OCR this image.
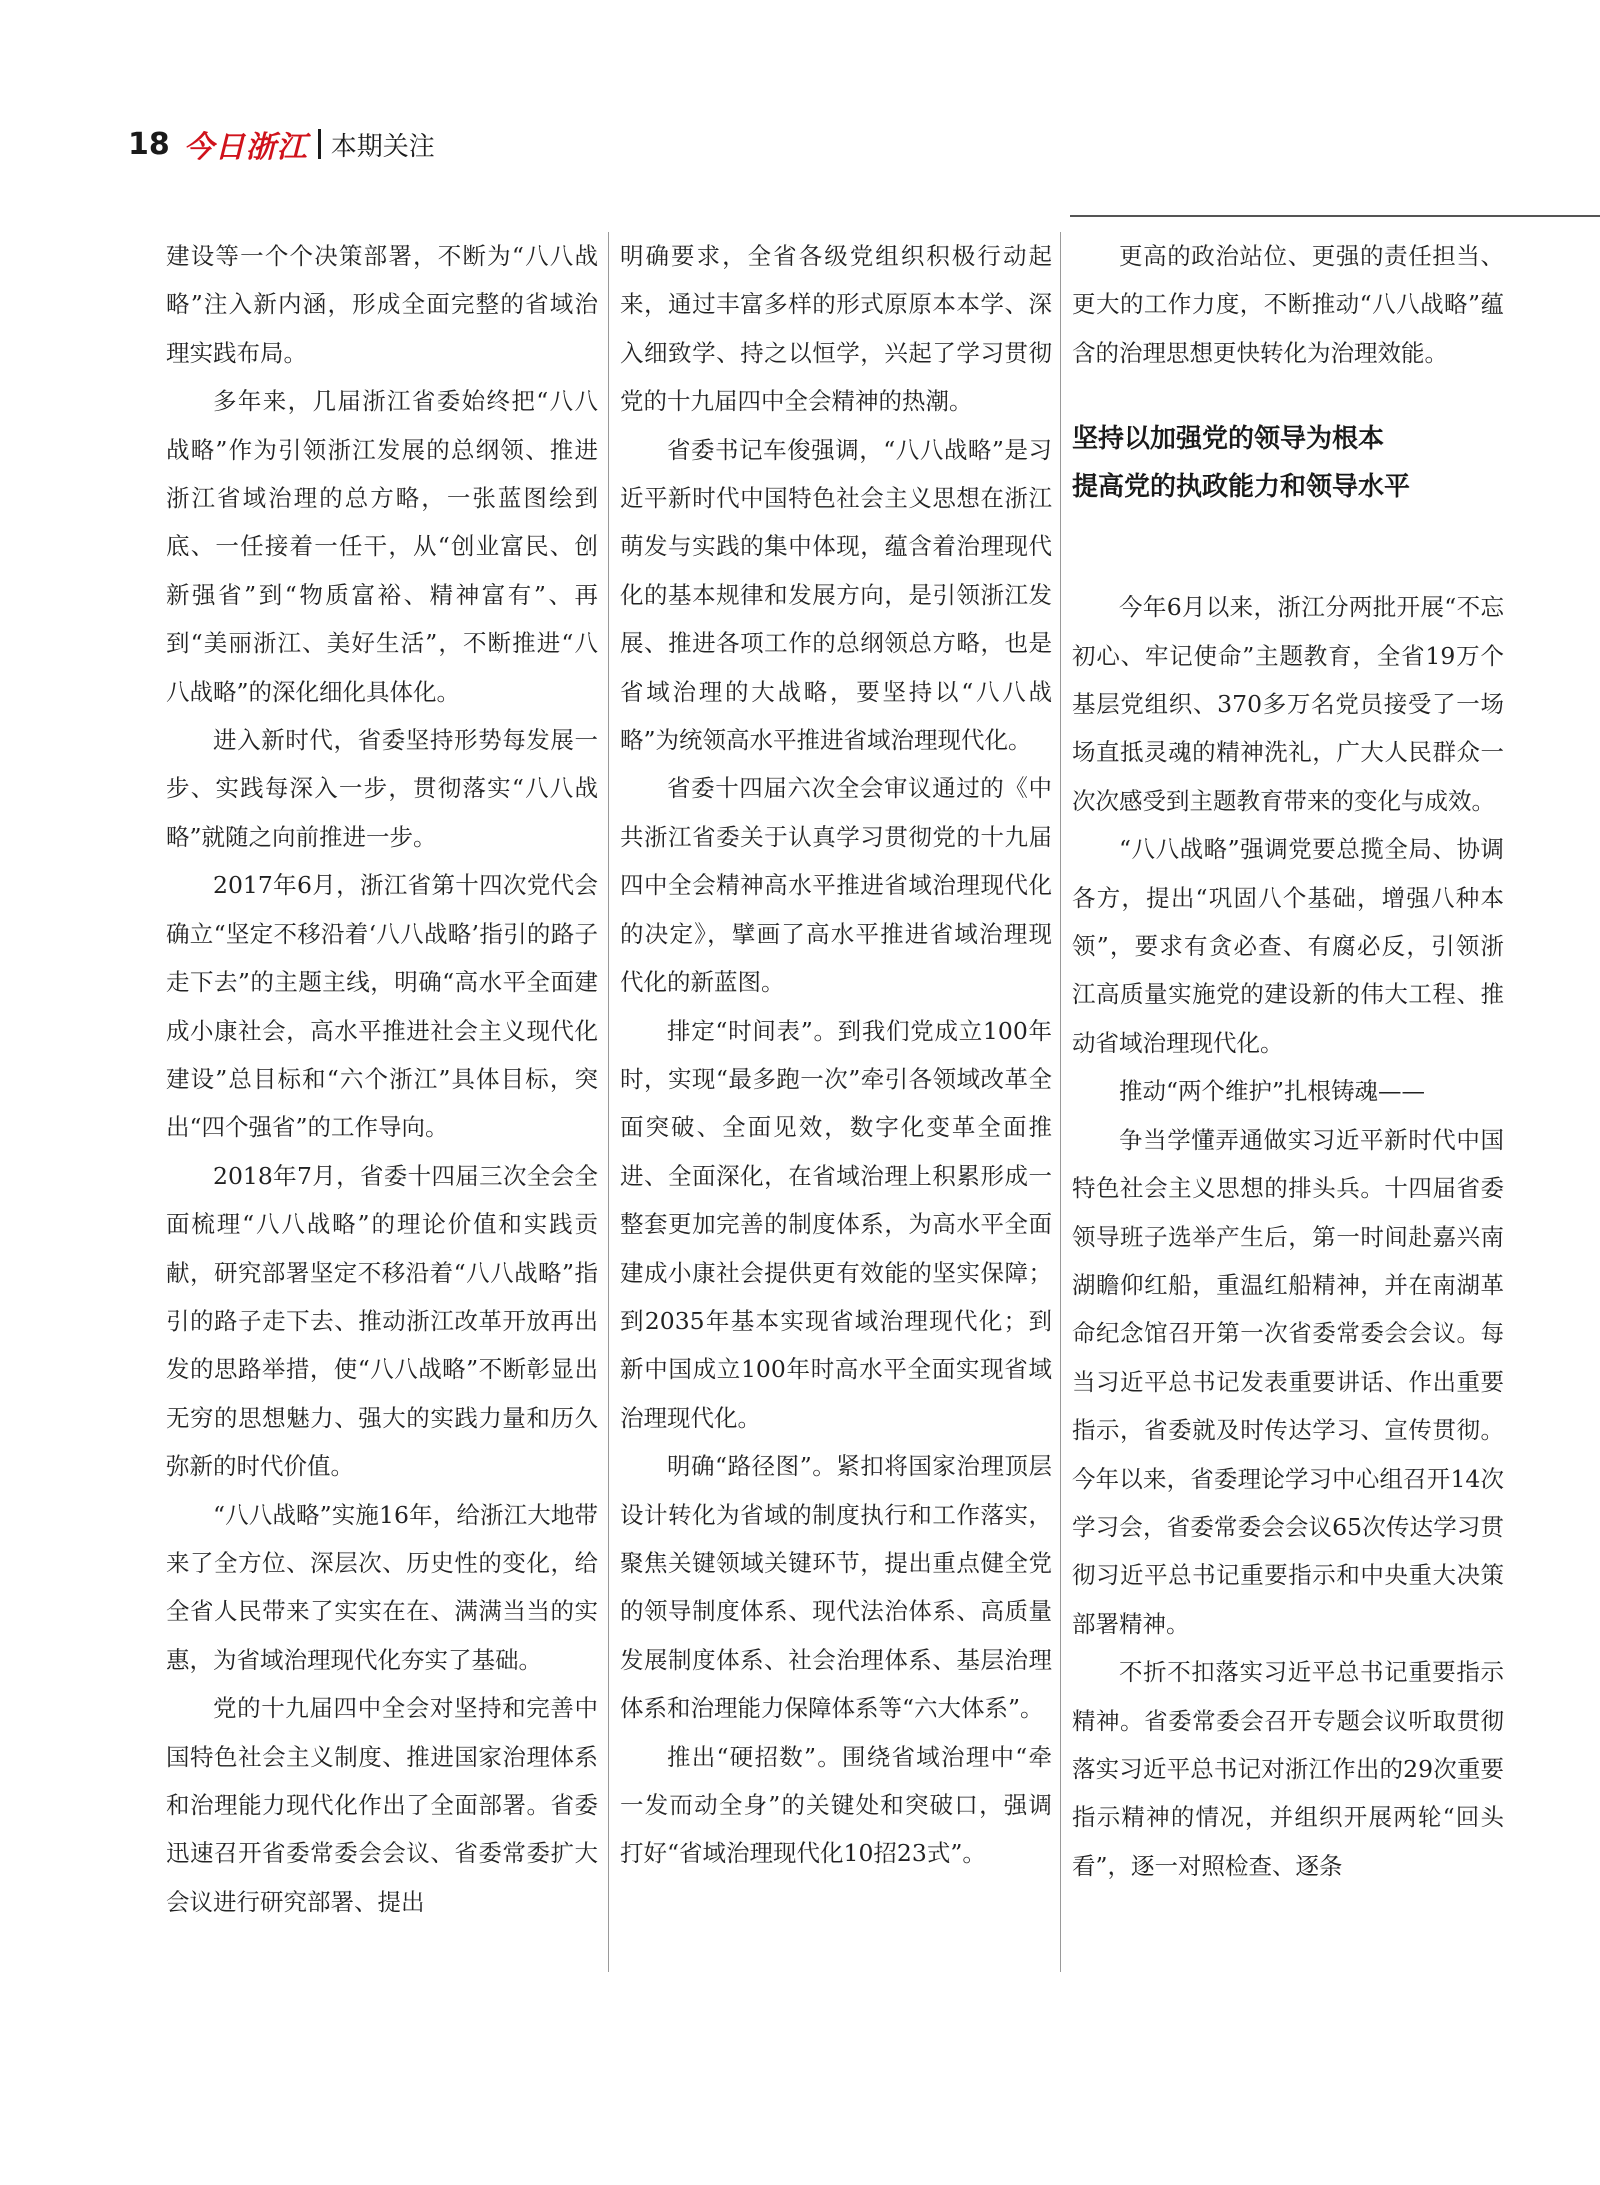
18 今日浙江 本期关注

建设等一个个决策部署，不断为“八八战略”注入新内涵，形成全面完整的省域治理实践布局。

多年来，几届浙江省委始终把“八八战略”作为引领浙江发展的总纲领、推进浙江省域治理的总方略，一张蓝图绘到底、一任接着一任干，从“创业富民、创新强省”到“物质富裕、精神富有”、再到“美丽浙江、美好生活”，不断推进“八八战略”的深化细化具体化。

进入新时代，省委坚持形势每发展一步、实践每深入一步，贯彻落实“八八战略”就随之向前推进一步。

2017年6月，浙江省第十四次党代会确立“坚定不移沿着‘八八战略’指引的路子走下去”的主题主线，明确“高水平全面建成小康社会，高水平推进社会主义现代化建设”总目标和“六个浙江”具体目标，突出“四个强省”的工作导向。

2018年7月，省委十四届三次全会全面梳理“八八战略”的理论价值和实践贡献，研究部署坚定不移沿着“八八战略”指引的路子走下去、推动浙江改革开放再出发的思路举措，使“八八战略”不断彰显出无穷的思想魅力、强大的实践力量和历久弥新的时代价值。

“八八战略”实施16年，给浙江大地带来了全方位、深层次、历史性的变化，给全省人民带来了实实在在、满满当当的实惠，为省域治理现代化夯实了基础。

党的十九届四中全会对坚持和完善中国特色社会主义制度、推进国家治理体系和治理能力现代化作出了全面部署。省委迅速召开省委常委会会议、省委常委扩大会议进行研究部署、提出

明确要求，全省各级党组织积极行动起来，通过丰富多样的形式原原本本学、深入细致学、持之以恒学，兴起了学习贯彻党的十九届四中全会精神的热潮。

省委书记车俊强调，“八八战略”是习近平新时代中国特色社会主义思想在浙江萌发与实践的集中体现，蕴含着治理现代化的基本规律和发展方向，是引领浙江发展、推进各项工作的总纲领总方略，也是省域治理的大战略，要坚持以“八八战略”为统领高水平推进省域治理现代化。

省委十四届六次全会审议通过的《中共浙江省委关于认真学习贯彻党的十九届四中全会精神高水平推进省域治理现代化的决定》，擘画了高水平推进省域治理现代化的新蓝图。

排定“时间表”。到我们党成立100年时，实现“最多跑一次”牵引各领域改革全面突破、全面见效，数字化变革全面推进、全面深化，在省域治理上积累形成一整套更加完善的制度体系，为高水平全面建成小康社会提供更有效能的坚实保障；到2035年基本实现省域治理现代化；到新中国成立100年时高水平全面实现省域治理现代化。

明确“路径图”。紧扣将国家治理顶层设计转化为省域的制度执行和工作落实，聚焦关键领域关键环节，提出重点健全党的领导制度体系、现代法治体系、高质量发展制度体系、社会治理体系、基层治理体系和治理能力保障体系等“六大体系”。

推出“硬招数”。围绕省域治理中“牵一发而动全身”的关键处和突破口，强调打好“省域治理现代化10招23式”。

更高的政治站位、更强的责任担当、更大的工作力度，不断推动“八八战略”蕴含的治理思想更快转化为治理效能。

坚持以加强党的领导为根本
提高党的执政能力和领导水平

今年6月以来，浙江分两批开展“不忘初心、牢记使命”主题教育，全省19万个基层党组织、370多万名党员接受了一场场直抵灵魂的精神洗礼，广大人民群众一次次感受到主题教育带来的变化与成效。

“八八战略”强调党要总揽全局、协调各方，提出“巩固八个基础，增强八种本领”，要求有贪必查、有腐必反，引领浙江高质量实施党的建设新的伟大工程、推动省域治理现代化。

推动“两个维护”扎根铸魂——

争当学懂弄通做实习近平新时代中国特色社会主义思想的排头兵。十四届省委领导班子选举产生后，第一时间赴嘉兴南湖瞻仰红船，重温红船精神，并在南湖革命纪念馆召开第一次省委常委会会议。每当习近平总书记发表重要讲话、作出重要指示，省委就及时传达学习、宣传贯彻。今年以来，省委理论学习中心组召开14次学习会，省委常委会会议65次传达学习贯彻习近平总书记重要指示和中央重大决策部署精神。

不折不扣落实习近平总书记重要指示精神。省委常委会召开专题会议听取贯彻落实习近平总书记对浙江作出的29次重要指示精神的情况，并组织开展两轮“回头看”，逐一对照检查、逐条
